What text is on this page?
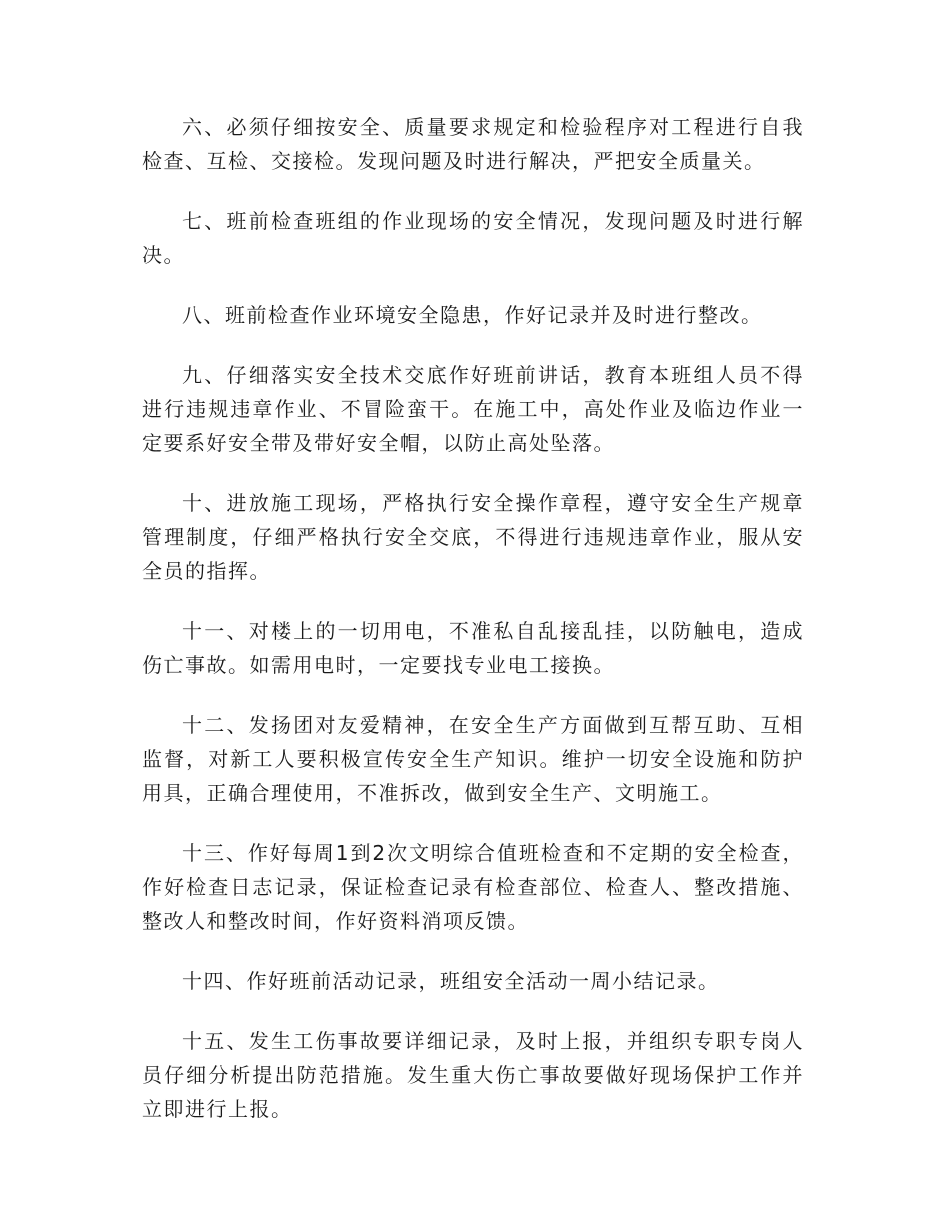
六、必须仔细按安全、质量要求规定和检验程序对工程进行自我检查、互检、交接检。发现问题及时进行解决，严把安全质量关。

七、班前检查班组的作业现场的安全情况，发现问题及时进行解决。

八、班前检查作业环境安全隐患，作好记录并及时进行整改。

九、仔细落实安全技术交底作好班前讲话，教育本班组人员不得进行违规违章作业、不冒险蛮干。在施工中，高处作业及临边作业一定要系好安全带及带好安全帽，以防止高处坠落。

十、进放施工现场，严格执行安全操作章程，遵守安全生产规章管理制度，仔细严格执行安全交底，不得进行违规违章作业，服从安全员的指挥。

十一、对楼上的一切用电，不准私自乱接乱挂，以防触电，造成伤亡事故。如需用电时，一定要找专业电工接换。

十二、发扬团对友爱精神，在安全生产方面做到互帮互助、互相监督，对新工人要积极宣传安全生产知识。维护一切安全设施和防护用具，正确合理使用，不准拆改，做到安全生产、文明施工。

十三、作好每周1到2次文明综合值班检查和不定期的安全检查，作好检查日志记录，保证检查记录有检查部位、检查人、整改措施、整改人和整改时间，作好资料消项反馈。

十四、作好班前活动记录，班组安全活动一周小结记录。

十五、发生工伤事故要详细记录，及时上报，并组织专职专岗人员仔细分析提出防范措施。发生重大伤亡事故要做好现场保护工作并立即进行上报。
